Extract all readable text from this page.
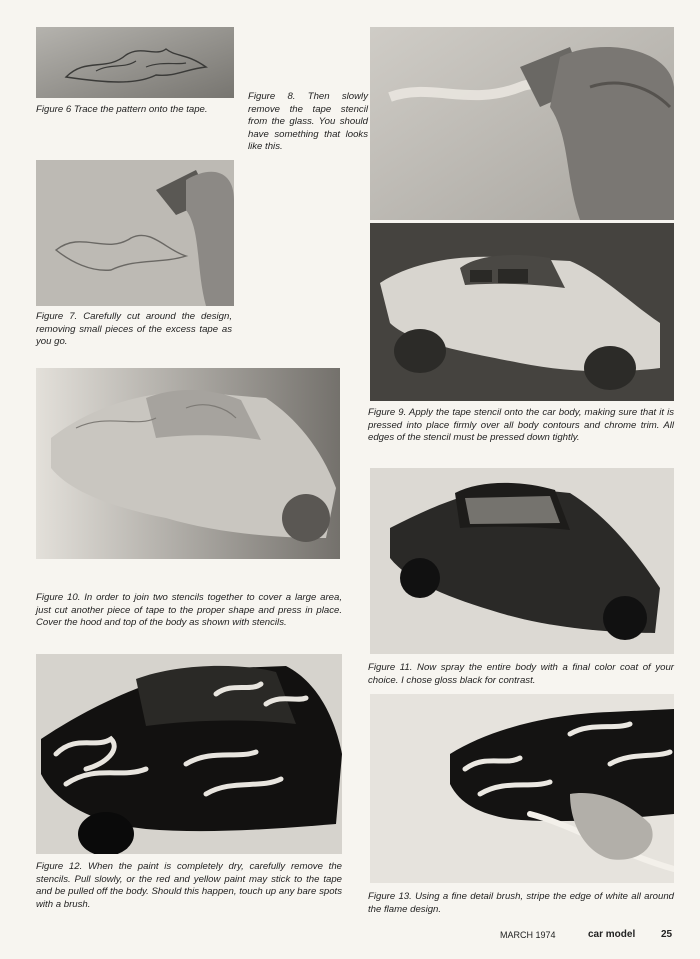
Figure 6 Trace the pattern onto the tape.
Figure 8. Then slowly remove the tape stencil from the glass. You should have something that looks like this.
Figure 7. Carefully cut around the design, removing small pieces of the excess tape as you go.
Figure 9. Apply the tape stencil onto the car body, making sure that it is pressed into place firmly over all body contours and chrome trim. All edges of the stencil must be pressed down tightly.
Figure 10. In order to join two stencils together to cover a large area, just cut another piece of tape to the proper shape and press in place. Cover the hood and top of the body as shown with stencils.
Figure 11. Now spray the entire body with a final color coat of your choice. I chose gloss black for contrast.
Figure 12. When the paint is completely dry, carefully remove the stencils. Pull slowly, or the red and yellow paint may stick to the tape and be pulled off the body. Should this happen, touch up any bare spots with a brush.
Figure 13. Using a fine detail brush, stripe the edge of white all around the flame design.
MARCH 1974	car model	25
